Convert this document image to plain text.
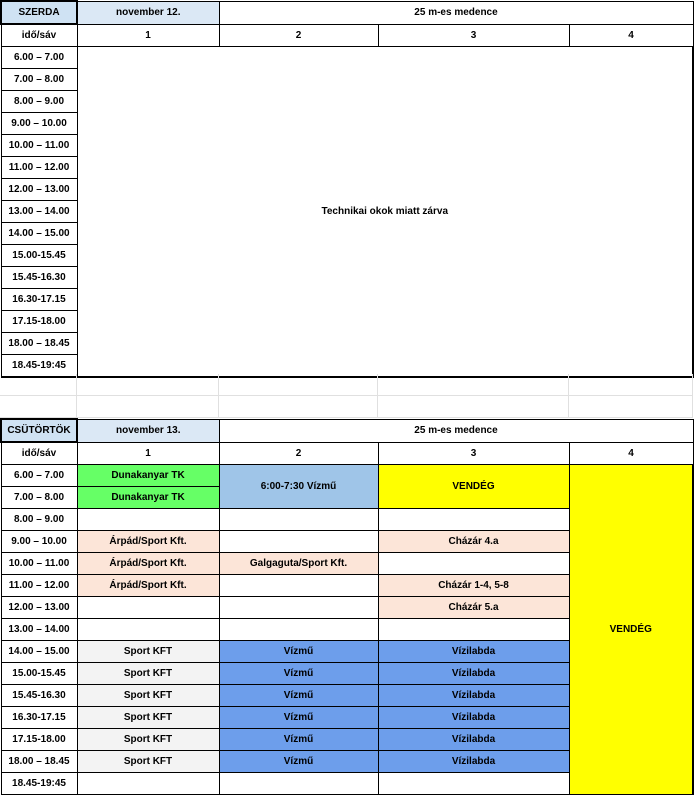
SZERDA	november 12.	25 m-es medence		
idő/sáv	1	2	3	4
6.00 – 7.00	Technikai okok miatt zárva			
7.00 – 8.00				
8.00 – 9.00				
9.00 – 10.00				
10.00 – 11.00				
11.00 – 12.00				
12.00 – 13.00				
13.00 – 14.00				
14.00 – 15.00				
15.00-15.45				
15.45-16.30				
16.30-17.15				
17.15-18.00				
18.00 – 18.45				
18.45-19:45				
CSÜTÖRTÖK	november 13.	25 m-es medence		
idő/sáv	1	2	3	4
6.00 – 7.00	Dunakanyar TK	6:00-7:30 Vízmű	VENDÉG	VENDÉG
7.00 – 8.00	Dunakanyar TK			
8.00 – 9.00				
9.00 – 10.00	Árpád/Sport Kft.		Cházár 4.a	
10.00 – 11.00	Árpád/Sport Kft.	Galgaguta/Sport Kft.		
11.00 – 12.00	Árpád/Sport Kft.		Cházár 1-4, 5-8	
12.00 – 13.00			Cházár 5.a	
13.00 – 14.00				
14.00 – 15.00	Sport KFT	Vízmű	Vízilabda	
15.00-15.45	Sport KFT	Vízmű	Vízilabda	
15.45-16.30	Sport KFT	Vízmű	Vízilabda	
16.30-17.15	Sport KFT	Vízmű	Vízilabda	
17.15-18.00	Sport KFT	Vízmű	Vízilabda	
18.00 – 18.45	Sport KFT	Vízmű	Vízilabda	
18.45-19:45				
